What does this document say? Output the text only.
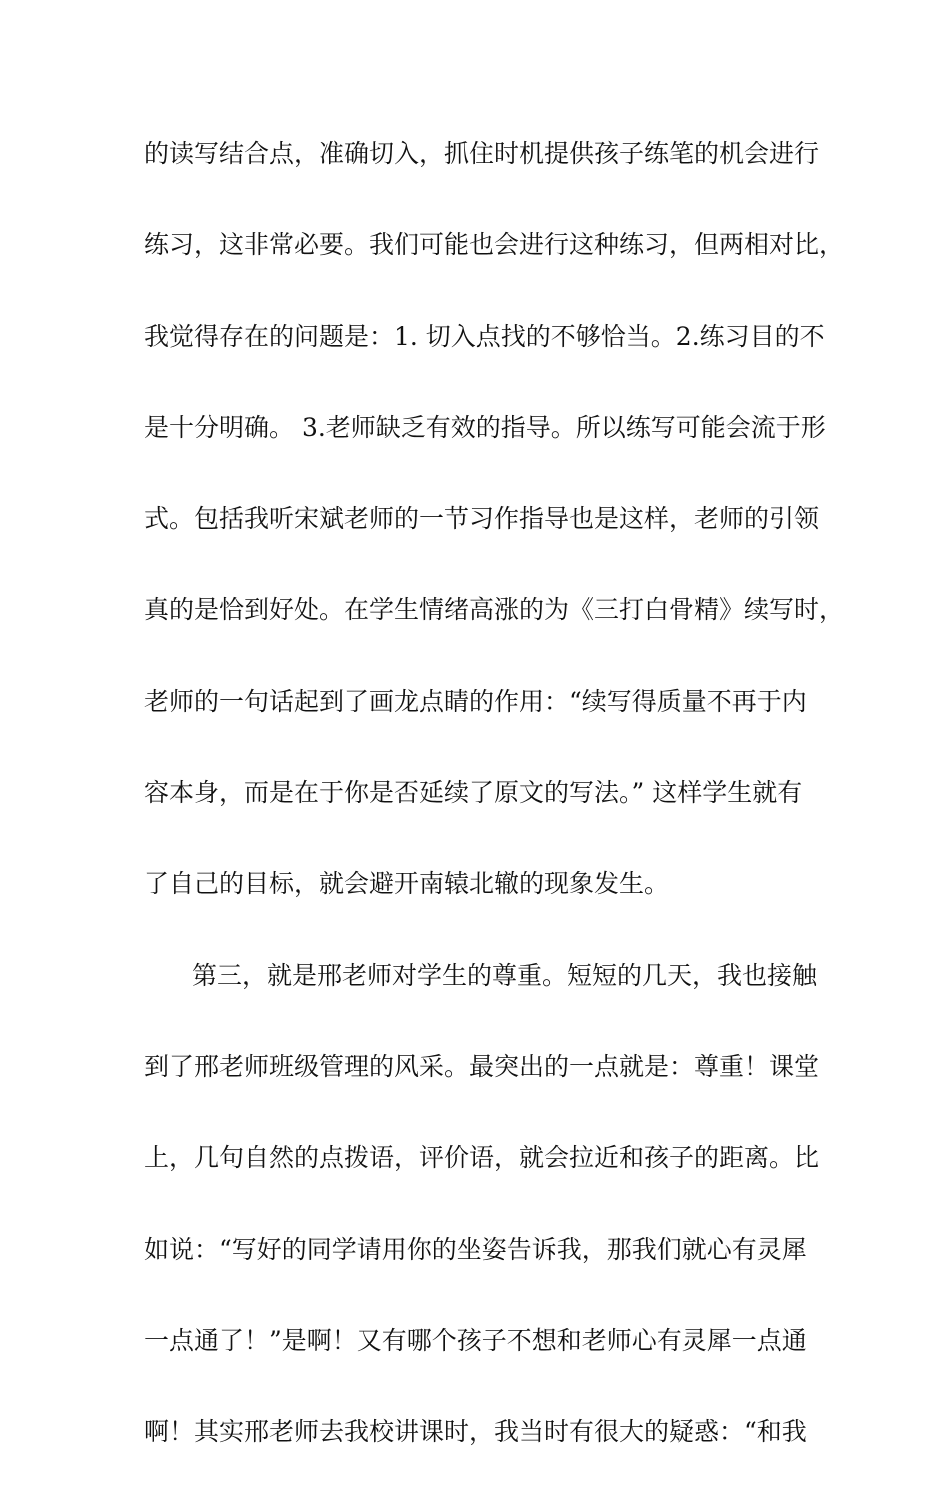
的读写结合点，准确切入，抓住时机提供孩子练笔的机会进行
练习，这非常必要。我们可能也会进行这种练习，但两相对比，
我觉得存在的问题是：1. 切入点找的不够恰当。2.练习目的不
是十分明确。 3.老师缺乏有效的指导。所以练写可能会流于形
式。包括我听宋斌老师的一节习作指导也是这样，老师的引领
真的是恰到好处。在学生情绪高涨的为《三打白骨精》续写时，
老师的一句话起到了画龙点睛的作用：“续写得质量不再于内
容本身，而是在于你是否延续了原文的写法。” 这样学生就有
了自己的目标，就会避开南辕北辙的现象发生。
第三，就是邢老师对学生的尊重。短短的几天，我也接触
到了邢老师班级管理的风采。最突出的一点就是：尊重！课堂
上，几句自然的点拨语，评价语，就会拉近和孩子的距离。比
如说：“写好的同学请用你的坐姿告诉我，那我们就心有灵犀
一点通了！”是啊！又有哪个孩子不想和老师心有灵犀一点通
啊！其实邢老师去我校讲课时，我当时有很大的疑惑：“和我
